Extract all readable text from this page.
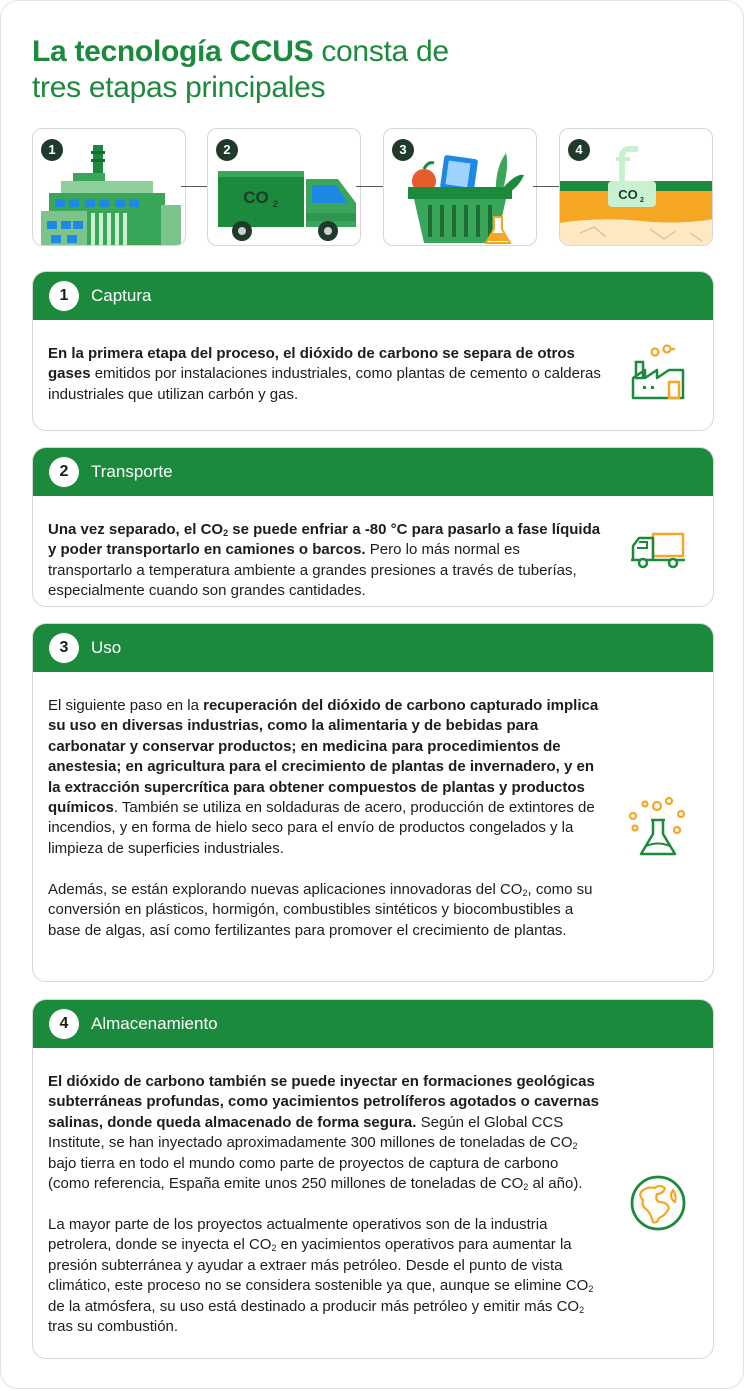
La tecnología CCUS consta de
tres etapas principales
1	2
CO 2
3	4
CO 2
1	Captura

En la primera etapa del proceso, el dióxido de carbono se separa de otros gases emitidos por instalaciones industriales, como plantas de cemento o calderas industriales que utilizan carbón y gas.

2	Transporte

Una vez separado, el $CO_2$ se puede enfriar a -80 °C para pasarlo a fase líquida y poder transportarlo en camiones o barcos. Pero lo más normal es transportarlo a temperatura ambiente a grandes presiones a través de tuberías, especialmente cuando son grandes cantidades.

3	Uso

El siguiente paso en la recuperación del dióxido de carbono capturado implica su uso en diversas industrias, como la alimentaria y de bebidas para carbonatar y conservar productos; en medicina para procedimientos de anestesia; en agricultura para el crecimiento de plantas de invernadero, y en la extracción supercrítica para obtener compuestos de plantas y productos químicos. También se utiliza en soldaduras de acero, producción de extintores de incendios, y en forma de hielo seco para el envío de productos congelados y la limpieza de superficies industriales.

Además, se están explorando nuevas aplicaciones innovadoras del $CO_2$, como su conversión en plásticos, hormigón, combustibles sintéticos y biocombustibles a base de algas, así como fertilizantes para promover el crecimiento de plantas.

4	Almacenamiento

El dióxido de carbono también se puede inyectar en formaciones geológicas subterráneas profundas, como yacimientos petrolíferos agotados o cavernas salinas, donde queda almacenado de forma segura. Según el Global CCS Institute, se han inyectado aproximadamente 300 millones de toneladas de $CO_2$ bajo tierra en todo el mundo como parte de proyectos de captura de carbono (como referencia, España emite unos 250 millones de toneladas de $CO_2$ al año).

La mayor parte de los proyectos actualmente operativos son de la industria petrolera, donde se inyecta el $CO_2$ en yacimientos operativos para aumentar la presión subterránea y ayudar a extraer más petróleo. Desde el punto de vista climático, este proceso no se considera sostenible ya que, aunque se elimine $CO_2$ de la atmósfera, su uso está destinado a producir más petróleo y emitir más $CO_2$ tras su combustión.
